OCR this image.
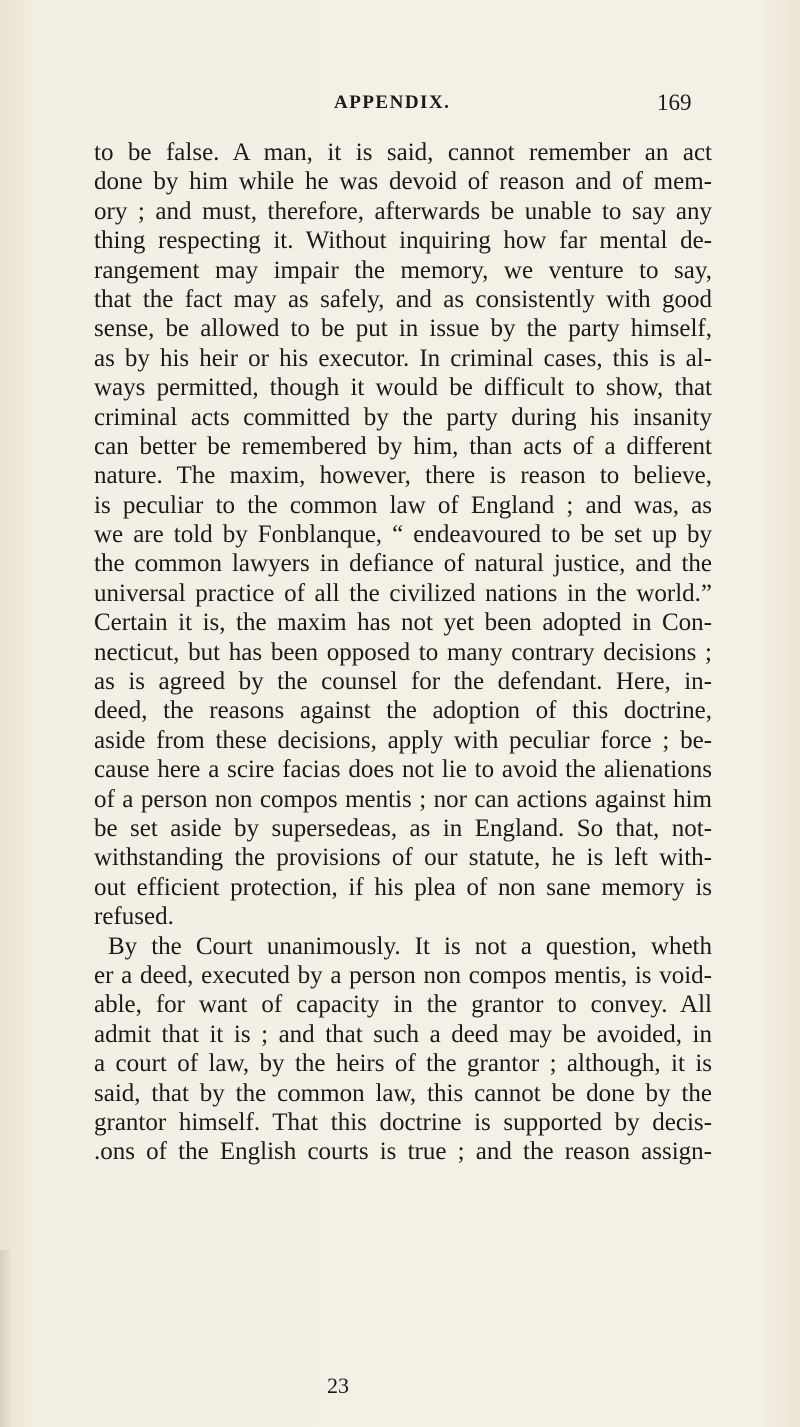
APPENDIX.	169
to be false. A man, it is said, cannot remember an act
done by him while he was devoid of reason and of mem-
ory ; and must, therefore, afterwards be unable to say any
thing respecting it. Without inquiring how far mental de-
rangement may impair the memory, we venture to say,
that the fact may as safely, and as consistently with good
sense, be allowed to be put in issue by the party himself,
as by his heir or his executor. In criminal cases, this is al-
ways permitted, though it would be difficult to show, that
criminal acts committed by the party during his insanity
can better be remembered by him, than acts of a different
nature. The maxim, however, there is reason to believe,
is peculiar to the common law of England ; and was, as
we are told by Fonblanque, “ endeavoured to be set up by
the common lawyers in defiance of natural justice, and the
universal practice of all the civilized nations in the world.”
Certain it is, the maxim has not yet been adopted in Con-
necticut, but has been opposed to many contrary decisions ;
as is agreed by the counsel for the defendant. Here, in-
deed, the reasons against the adoption of this doctrine,
aside from these decisions, apply with peculiar force ; be-
cause here a scire facias does not lie to avoid the alienations
of a person non compos mentis ; nor can actions against him
be set aside by supersedeas, as in England. So that, not-
withstanding the provisions of our statute, he is left with-
out efficient protection, if his plea of non sane memory is
refused.
By the Court unanimously. It is not a question, wheth
er a deed, executed by a person non compos mentis, is void-
able, for want of capacity in the grantor to convey. All
admit that it is ; and that such a deed may be avoided, in
a court of law, by the heirs of the grantor ; although, it is
said, that by the common law, this cannot be done by the
grantor himself. That this doctrine is supported by decis-
.ons of the English courts is true ; and the reason assign-
23
